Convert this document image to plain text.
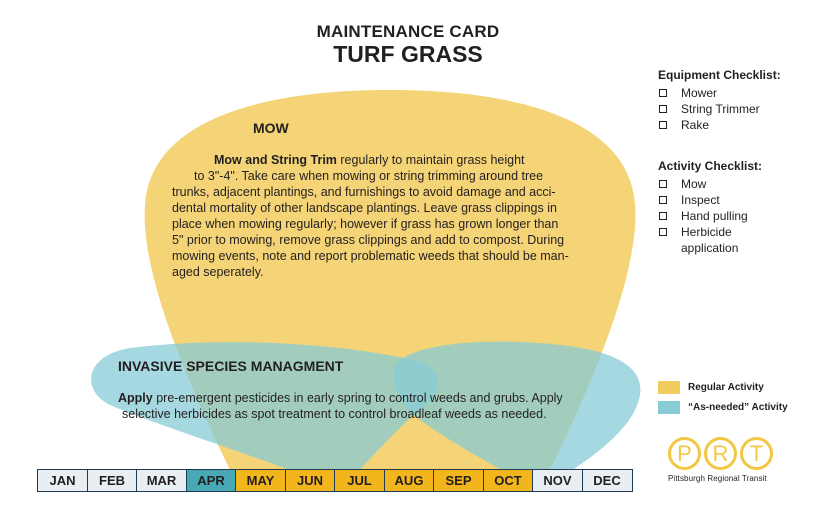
MAINTENANCE CARD
TURF GRASS
MOW
Mow and String Trim regularly to maintain grass height
to 3"-4". Take care when mowing or string trimming around tree
trunks, adjacent plantings, and furnishings to avoid damage and acci-
dental mortality of other landscape plantings. Leave grass clippings in
place when mowing regularly; however if grass has grown longer than
5" prior to mowing, remove grass clippings and add to compost. During
mowing events, note and report problematic weeds that should be man-
aged seperately.
INVASIVE SPECIES MANAGMENT
Apply pre-emergent pesticides in early spring to control weeds and grubs. Apply
selective herbicides as spot treatment to control broadleaf weeds as needed.
Equipment Checklist:
Mower
String Trimmer
Rake
Activity Checklist:
Mow
Inspect
Hand pulling
Herbicide
application
Regular Activity
“As-needed” Activity
JAN	FEB	MAR	APR	MAY	JUN	JUL	AUG	SEP	OCT	NOV	DEC
P R T
Pittsburgh Regional Transit
